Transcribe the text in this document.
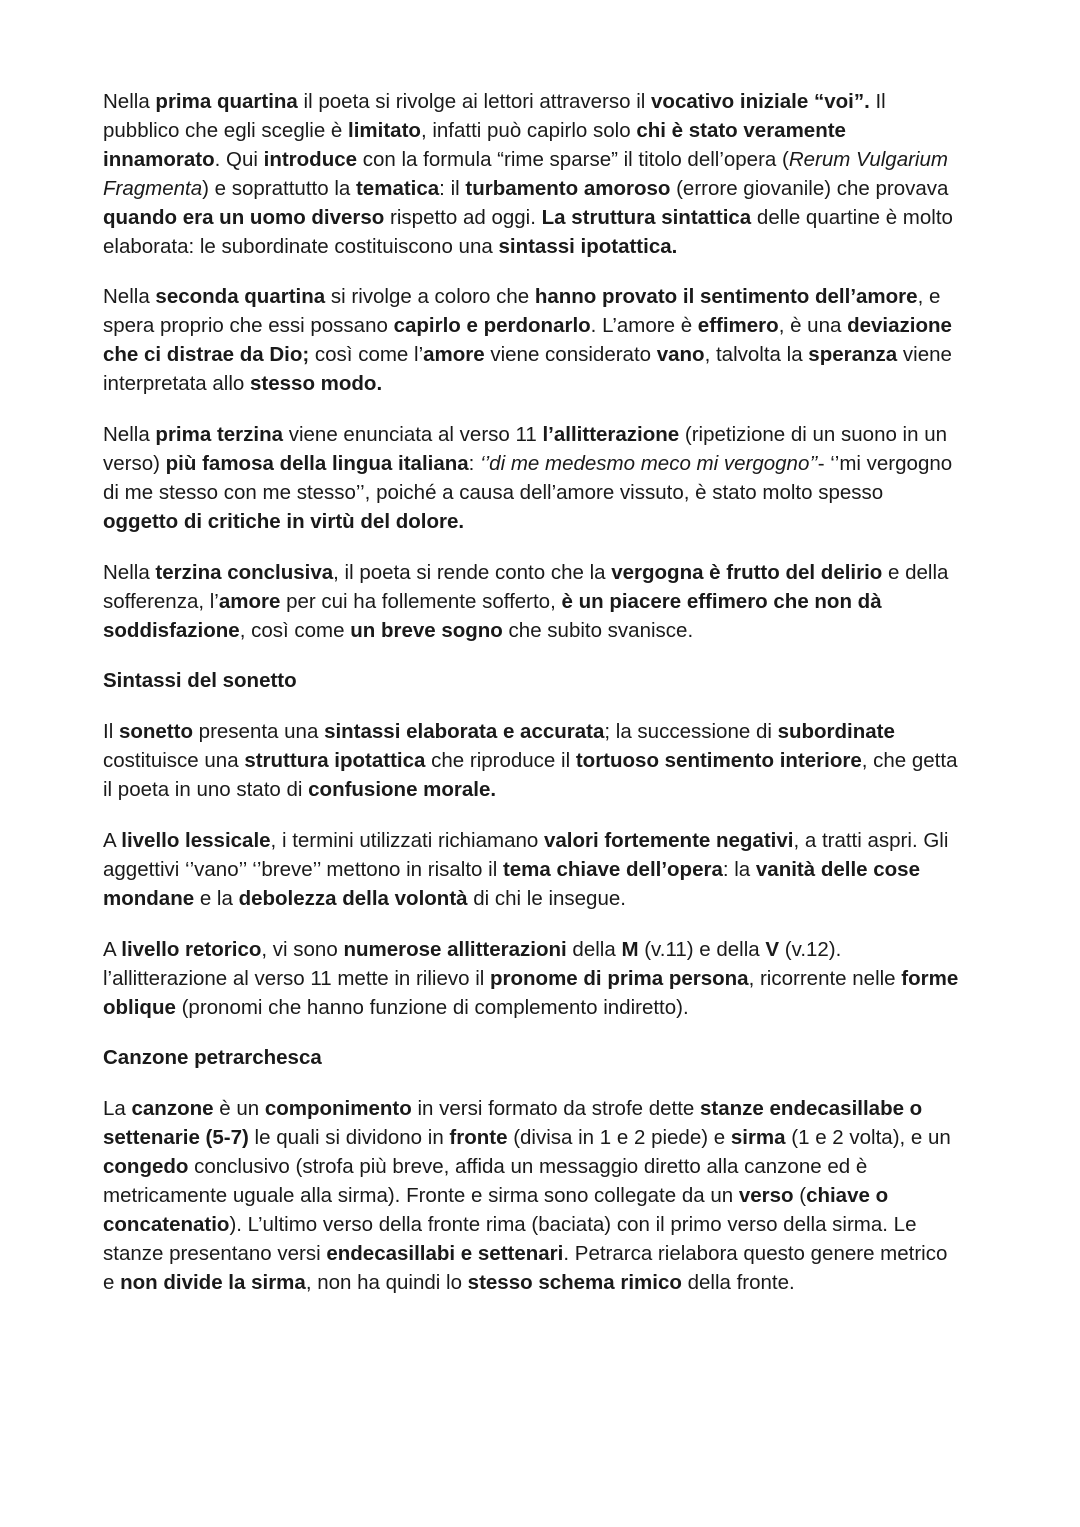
Nella prima quartina il poeta si rivolge ai lettori attraverso il vocativo iniziale “voi”. Il pubblico che egli sceglie è limitato, infatti può capirlo solo chi è stato veramente innamorato. Qui introduce con la formula “rime sparse” il titolo dell’opera (Rerum Vulgarium Fragmenta) e soprattutto la tematica: il turbamento amoroso (errore giovanile) che provava quando era un uomo diverso rispetto ad oggi. La struttura sintattica delle quartine è molto elaborata: le subordinate costituiscono una sintassi ipotattica.

Nella seconda quartina si rivolge a coloro che hanno provato il sentimento dell’amore, e spera proprio che essi possano capirlo e perdonarlo. L’amore è effimero, è una deviazione che ci distrae da Dio; così come l’amore viene considerato vano, talvolta la speranza viene interpretata allo stesso modo.

Nella prima terzina viene enunciata al verso 11 l’allitterazione (ripetizione di un suono in un verso) più famosa della lingua italiana: ‘’di me medesmo meco mi vergogno’’- ‘’mi vergogno di me stesso con me stesso’’, poiché a causa dell’amore vissuto, è stato molto spesso oggetto di critiche in virtù del dolore.

Nella terzina conclusiva, il poeta si rende conto che la vergogna è frutto del delirio e della sofferenza, l’amore per cui ha follemente sofferto, è un piacere effimero che non dà soddisfazione, così come un breve sogno che subito svanisce.

Sintassi del sonetto

Il sonetto presenta una sintassi elaborata e accurata; la successione di subordinate costituisce una struttura ipotattica che riproduce il tortuoso sentimento interiore, che getta il poeta in uno stato di confusione morale.

A livello lessicale, i termini utilizzati richiamano valori fortemente negativi, a tratti aspri. Gli aggettivi ‘’vano’’ ‘’breve’’ mettono in risalto il tema chiave dell’opera: la vanità delle cose mondane e la debolezza della volontà di chi le insegue.

A livello retorico, vi sono numerose allitterazioni della M (v.11) e della V (v.12). l’allitterazione al verso 11 mette in rilievo il pronome di prima persona, ricorrente nelle forme oblique (pronomi che hanno funzione di complemento indiretto).

Canzone petrarchesca

La canzone è un componimento in versi formato da strofe dette stanze endecasillabe o settenarie (5-7) le quali si dividono in fronte (divisa in 1 e 2 piede) e sirma (1 e 2 volta), e un congedo conclusivo (strofa più breve, affida un messaggio diretto alla canzone ed è metricamente uguale alla sirma). Fronte e sirma sono collegate da un verso (chiave o concatenatio). L’ultimo verso della fronte rima (baciata) con il primo verso della sirma. Le stanze presentano versi endecasillabi e settenari. Petrarca rielabora questo genere metrico e non divide la sirma, non ha quindi lo stesso schema rimico della fronte.
